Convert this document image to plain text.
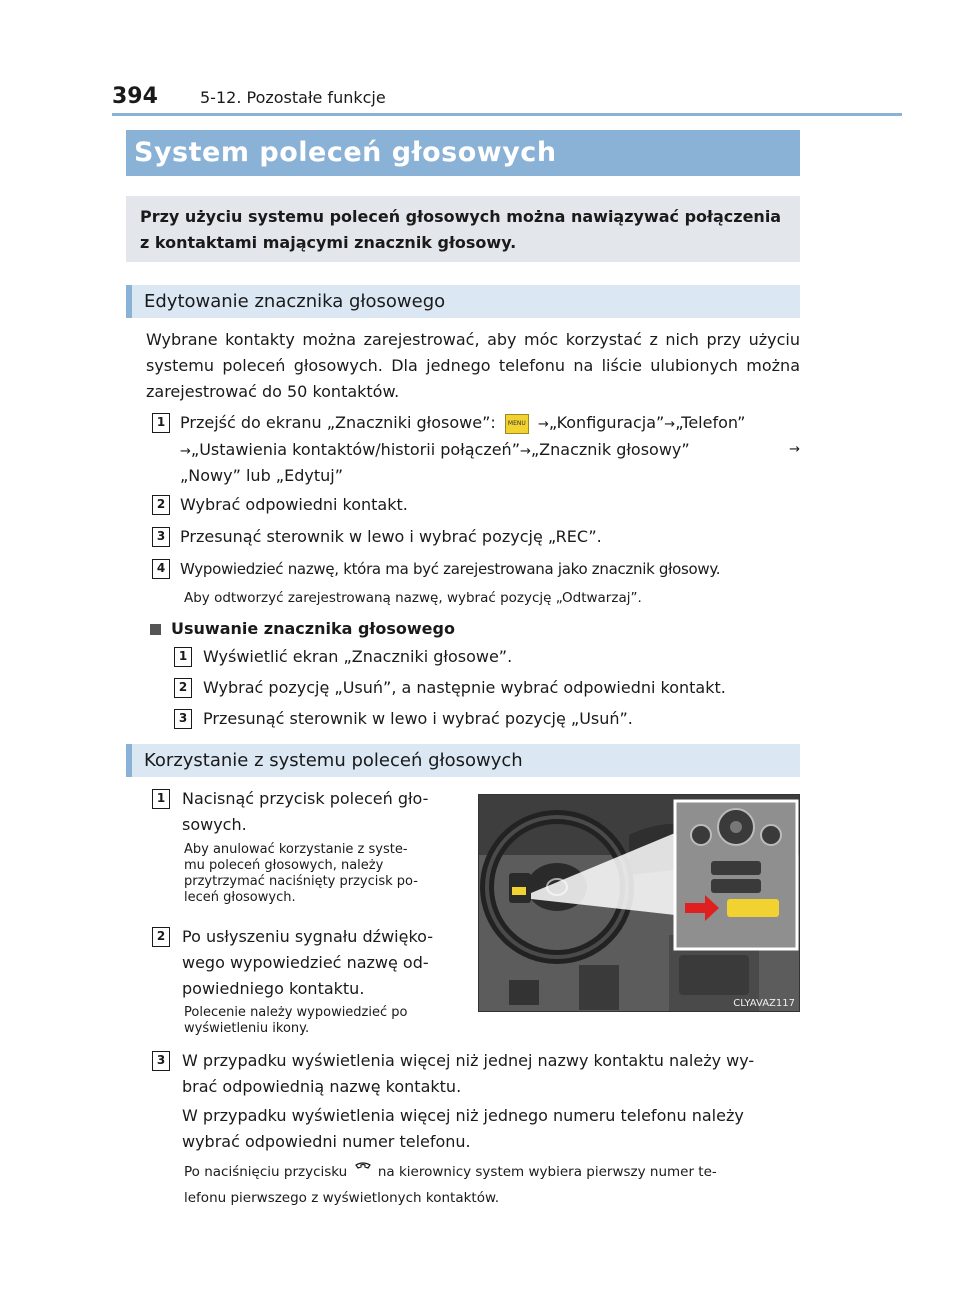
394	5-12. Pozostałe funkcje
System poleceń głosowych
Przy użyciu systemu poleceń głosowych można nawiązywać połączenia z kontaktami mającymi znacznik głosowy.
Edytowanie znacznika głosowego
Wybrane kontakty można zarejestrować, aby móc korzystać z nich przy użyciu systemu poleceń głosowych. Dla jednego telefonu na liście ulubionych można zarejestrować do 50 kontaktów.
1 Przejść do ekranu „Znaczniki głosowe”: MENU →„Konfiguracja”→„Telefon”
→„Ustawienia kontaktów/historii połączeń”→„Znacznik głosowy”	→
„Nowy” lub „Edytuj”
2 Wybrać odpowiedni kontakt.
3 Przesunąć sterownik w lewo i wybrać pozycję „REC”.
4 Wypowiedzieć nazwę, która ma być zarejestrowana jako znacznik głosowy.
Aby odtworzyć zarejestrowaną nazwę, wybrać pozycję „Odtwarzaj”.
Usuwanie znacznika głosowego
1 Wyświetlić ekran „Znaczniki głosowe”.
2 Wybrać pozycję „Usuń”, a następnie wybrać odpowiedni kontakt.
3 Przesunąć sterownik w lewo i wybrać pozycję „Usuń”.
Korzystanie z systemu poleceń głosowych
1	Nacisnąć przycisk poleceń gło-
sowych.
Aby anulować korzystanie z syste-
mu poleceń głosowych, należy
przytrzymać naciśnięty przycisk po-
leceń głosowych.
2	Po usłyszeniu sygnału dźwięko-
wego wypowiedzieć nazwę od-
powiedniego kontaktu.
Polecenie należy wypowiedzieć po
wyświetleniu ikony.
CLYAVAZ117
3	W przypadku wyświetlenia więcej niż jednej nazwy kontaktu należy wy-
brać odpowiednią nazwę kontaktu.
W przypadku wyświetlenia więcej niż jednego numeru telefonu należy
wybrać odpowiedni numer telefonu.
Po naciśnięciu przycisku na kierownicy system wybiera pierwszy numer te-
lefonu pierwszego z wyświetlonych kontaktów.
